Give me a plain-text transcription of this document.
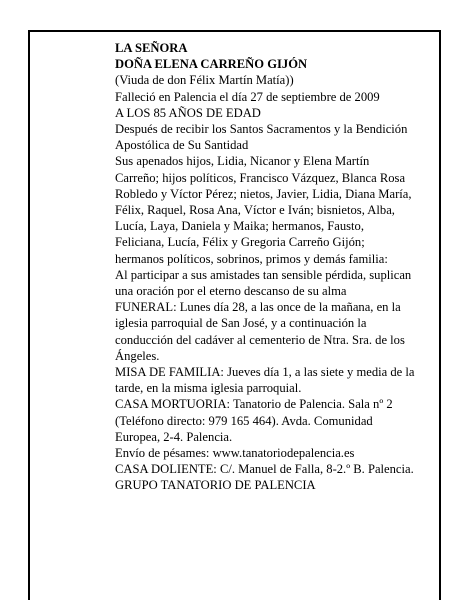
LA SEÑORA

DOÑA ELENA CARREÑO GIJÓN

(Viuda de don Félix Martín Matía))

Falleció en Palencia el día 27 de septiembre de 2009

A LOS 85 AÑOS DE EDAD

Después de recibir los Santos Sacramentos y la Bendición Apostólica de Su Santidad

Sus apenados hijos, Lidia, Nicanor y Elena Martín Carreño; hijos políticos, Francisco Vázquez, Blanca Rosa Robledo y Víctor Pérez; nietos, Javier, Lidia, Diana María, Félix, Raquel, Rosa Ana, Víctor e Iván; bisnietos, Alba, Lucía, Laya, Daniela y Maika; hermanos, Fausto, Feliciana, Lucía, Félix y Gregoria Carreño Gijón; hermanos políticos, sobrinos, primos y demás familia:

Al participar a sus amistades tan sensible pérdida, suplican una oración por el eterno descanso de su alma

FUNERAL: Lunes día 28, a las once de la mañana, en la iglesia parroquial de San José, y a continuación la conducción del cadáver al cementerio de Ntra. Sra. de los Ángeles.

MISA DE FAMILIA: Jueves día 1, a las siete y media de la tarde, en la misma iglesia parroquial.

CASA MORTUORIA: Tanatorio de Palencia. Sala nº 2 (Teléfono directo: 979 165 464). Avda. Comunidad Europea, 2-4. Palencia.

Envío de pésames: www.tanatoriodepalencia.es

CASA DOLIENTE: C/. Manuel de Falla, 8-2.º B. Palencia.

GRUPO TANATORIO DE PALENCIA
